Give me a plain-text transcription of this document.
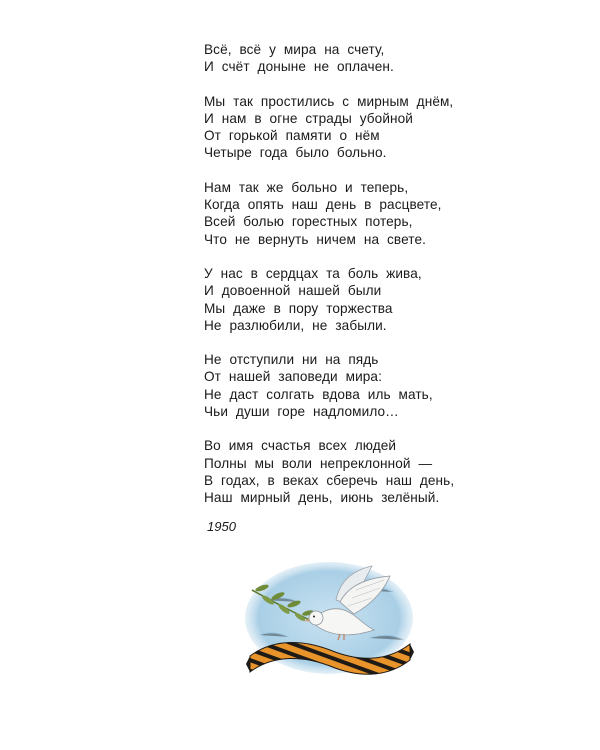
Всё, всё у мира на счету,
И счёт доныне не оплачен.
Мы так простились с мирным днём,
И нам в огне страды убойной
От горькой памяти о нём
Четыре года было больно.
Нам так же больно и теперь,
Когда опять наш день в расцвете,
Всей болью горестных потерь,
Что не вернуть ничем на свете.
У нас в сердцах та боль жива,
И довоенной нашей были
Мы даже в пору торжества
Не разлюбили, не забыли.
Не отступили ни на пядь
От нашей заповеди мира:
Не даст солгать вдова иль мать,
Чьи души горе надломило…
Во имя счастья всех людей
Полны мы воли непреклонной —
В годах, в веках сберечь наш день,
Наш мирный день, июнь зелёный.
1950
